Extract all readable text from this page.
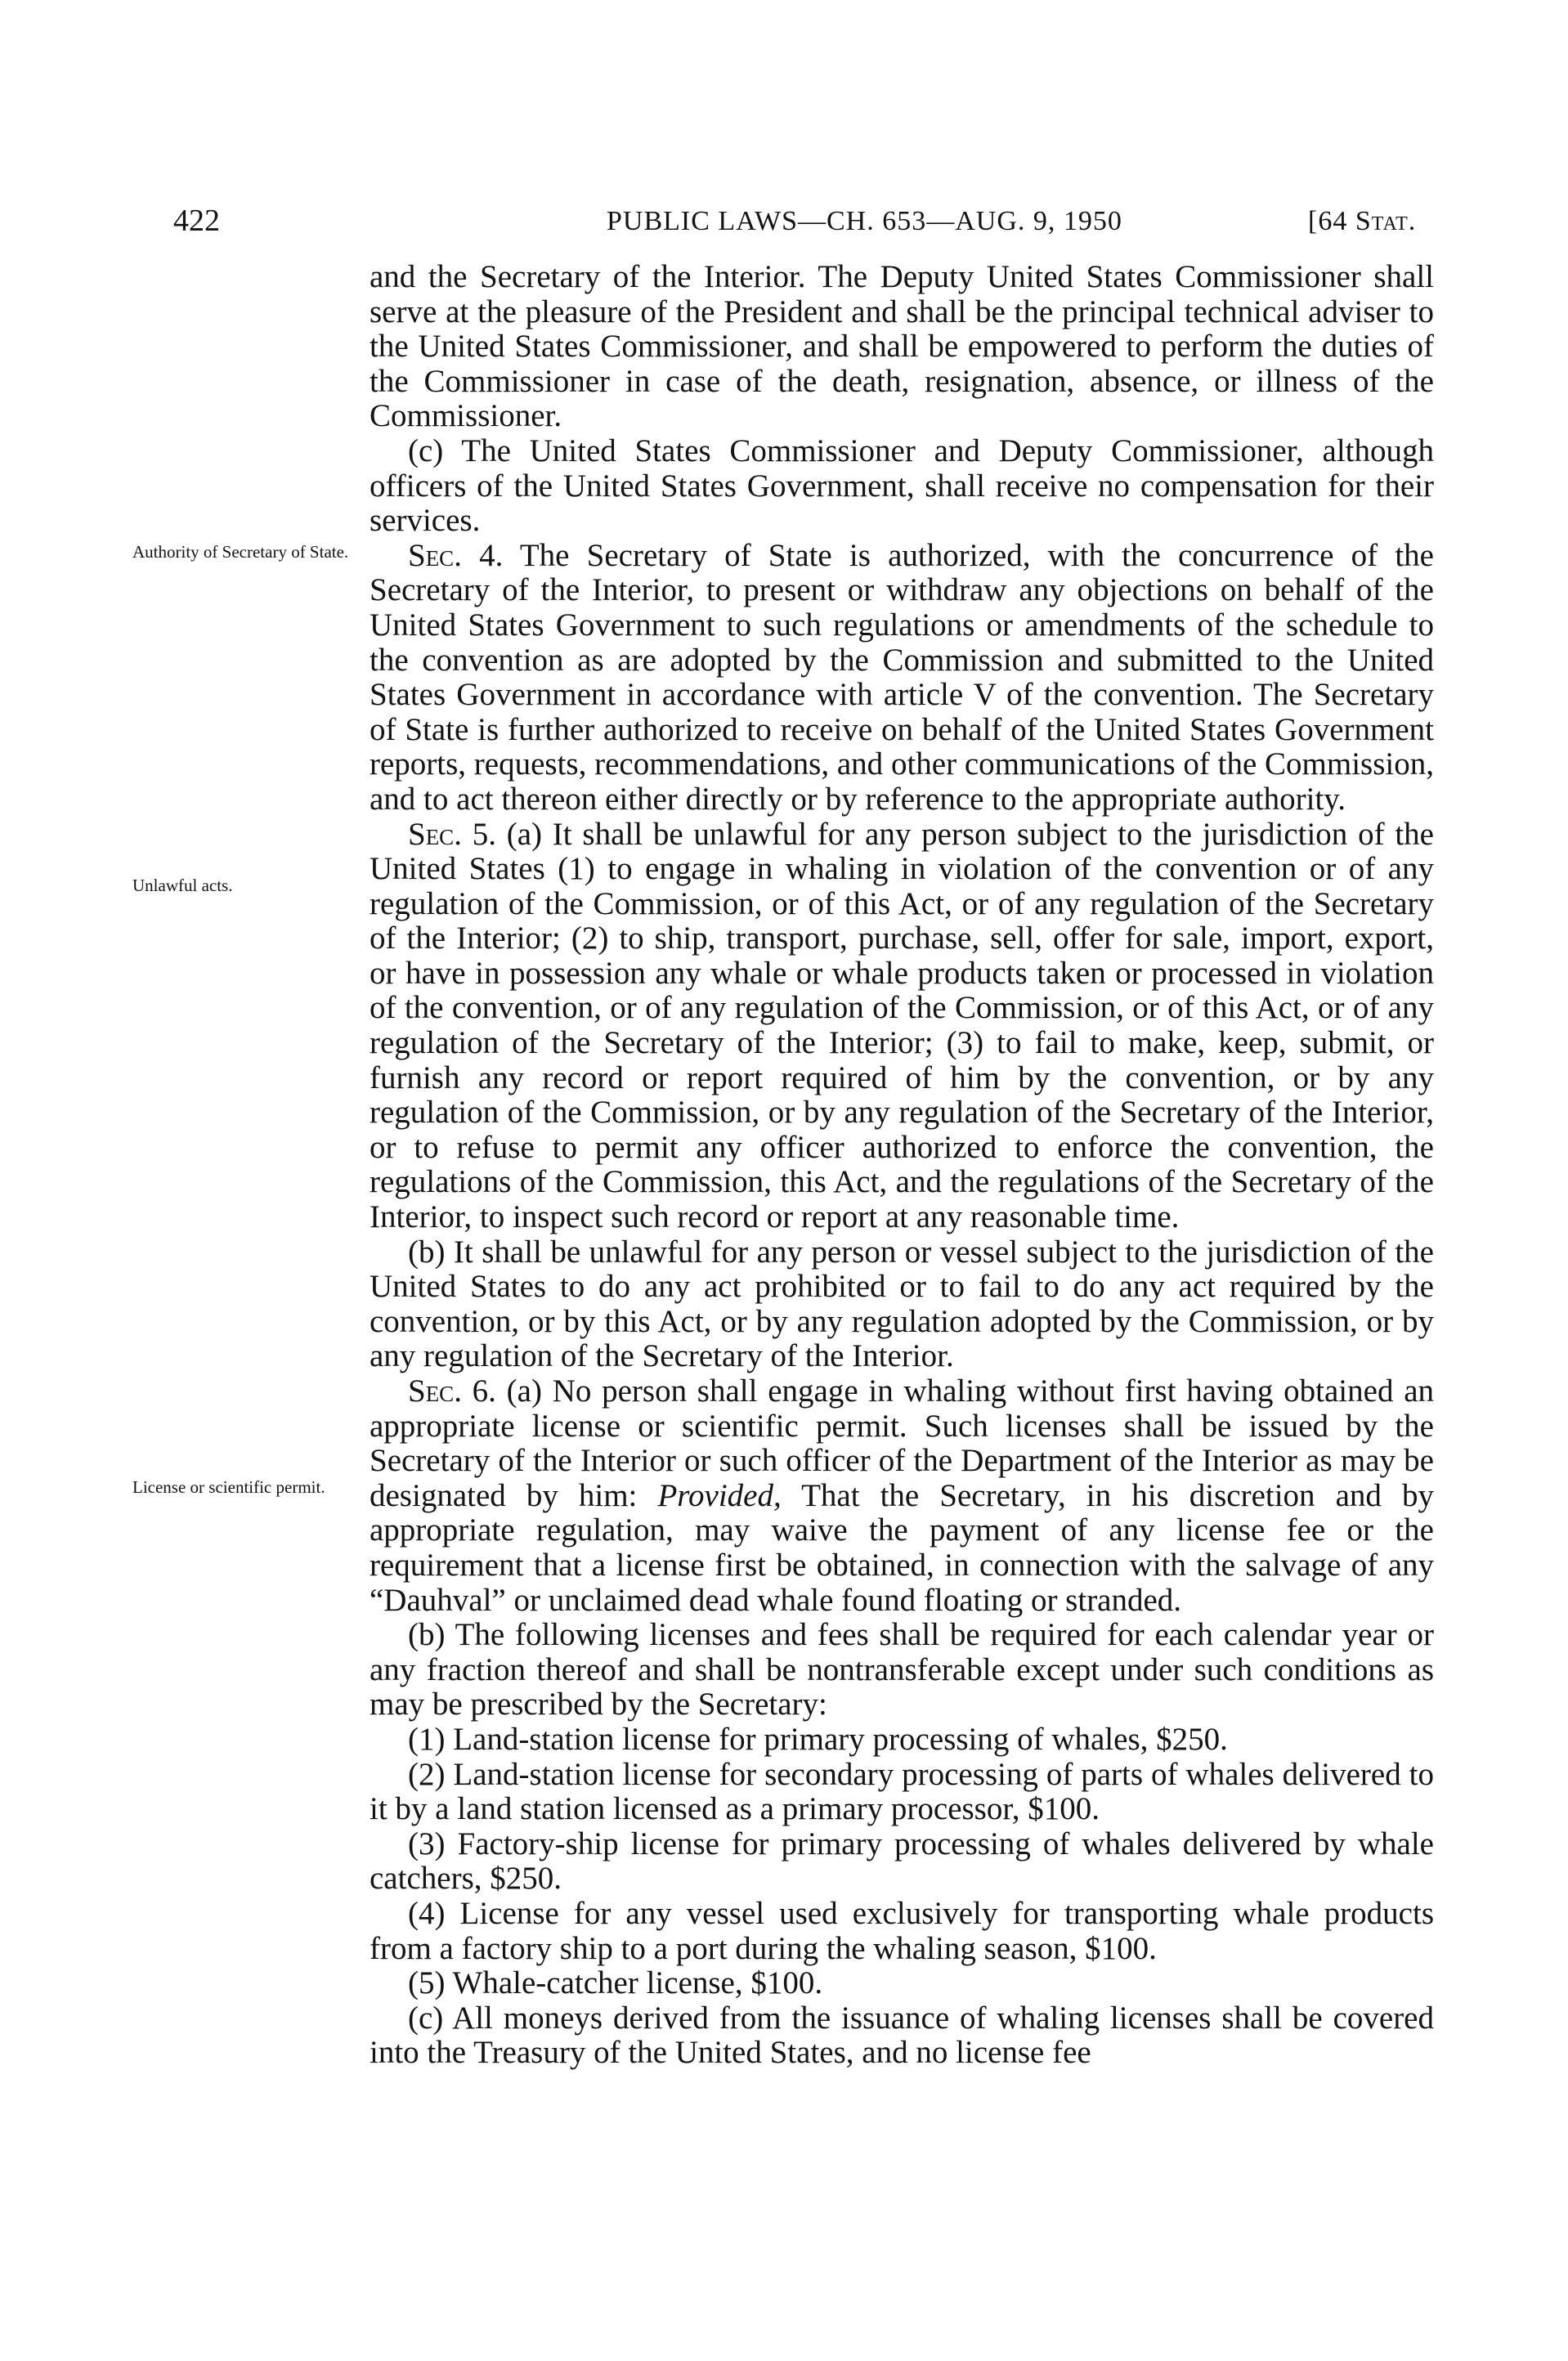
422	PUBLIC LAWS—CH. 653—AUG. 9, 1950	[64 Stat.
Authority of Secretary of State.
Unlawful acts.
License or scientific permit.

and the Secretary of the Interior. The Deputy United States Commissioner shall serve at the pleasure of the President and shall be the principal technical adviser to the United States Commissioner, and shall be empowered to perform the duties of the Commissioner in case of the death, resignation, absence, or illness of the Commissioner.

(c) The United States Commissioner and Deputy Commissioner, although officers of the United States Government, shall receive no compensation for their services.

Sec. 4. The Secretary of State is authorized, with the concurrence of the Secretary of the Interior, to present or withdraw any objections on behalf of the United States Government to such regulations or amendments of the schedule to the convention as are adopted by the Commission and submitted to the United States Government in accordance with article V of the convention. The Secretary of State is further authorized to receive on behalf of the United States Government reports, requests, recommendations, and other communications of the Commission, and to act thereon either directly or by reference to the appropriate authority.

Sec. 5. (a) It shall be unlawful for any person subject to the jurisdiction of the United States (1) to engage in whaling in violation of the convention or of any regulation of the Commission, or of this Act, or of any regulation of the Secretary of the Interior; (2) to ship, transport, purchase, sell, offer for sale, import, export, or have in possession any whale or whale products taken or processed in violation of the convention, or of any regulation of the Commission, or of this Act, or of any regulation of the Secretary of the Interior; (3) to fail to make, keep, submit, or furnish any record or report required of him by the convention, or by any regulation of the Commission, or by any regulation of the Secretary of the Interior, or to refuse to permit any officer authorized to enforce the convention, the regulations of the Commission, this Act, and the regulations of the Secretary of the Interior, to inspect such record or report at any reasonable time.

(b) It shall be unlawful for any person or vessel subject to the jurisdiction of the United States to do any act prohibited or to fail to do any act required by the convention, or by this Act, or by any regulation adopted by the Commission, or by any regulation of the Secretary of the Interior.

Sec. 6. (a) No person shall engage in whaling without first having obtained an appropriate license or scientific permit. Such licenses shall be issued by the Secretary of the Interior or such officer of the Department of the Interior as may be designated by him: Provided, That the Secretary, in his discretion and by appropriate regulation, may waive the payment of any license fee or the requirement that a license first be obtained, in connection with the salvage of any “Dauhval” or unclaimed dead whale found floating or stranded.

(b) The following licenses and fees shall be required for each calendar year or any fraction thereof and shall be nontransferable except under such conditions as may be prescribed by the Secretary:

(1) Land-station license for primary processing of whales, $250.

(2) Land-station license for secondary processing of parts of whales delivered to it by a land station licensed as a primary processor, $100.

(3) Factory-ship license for primary processing of whales delivered by whale catchers, $250.

(4) License for any vessel used exclusively for transporting whale products from a factory ship to a port during the whaling season, $100.

(5) Whale-catcher license, $100.

(c) All moneys derived from the issuance of whaling licenses shall be covered into the Treasury of the United States, and no license fee
